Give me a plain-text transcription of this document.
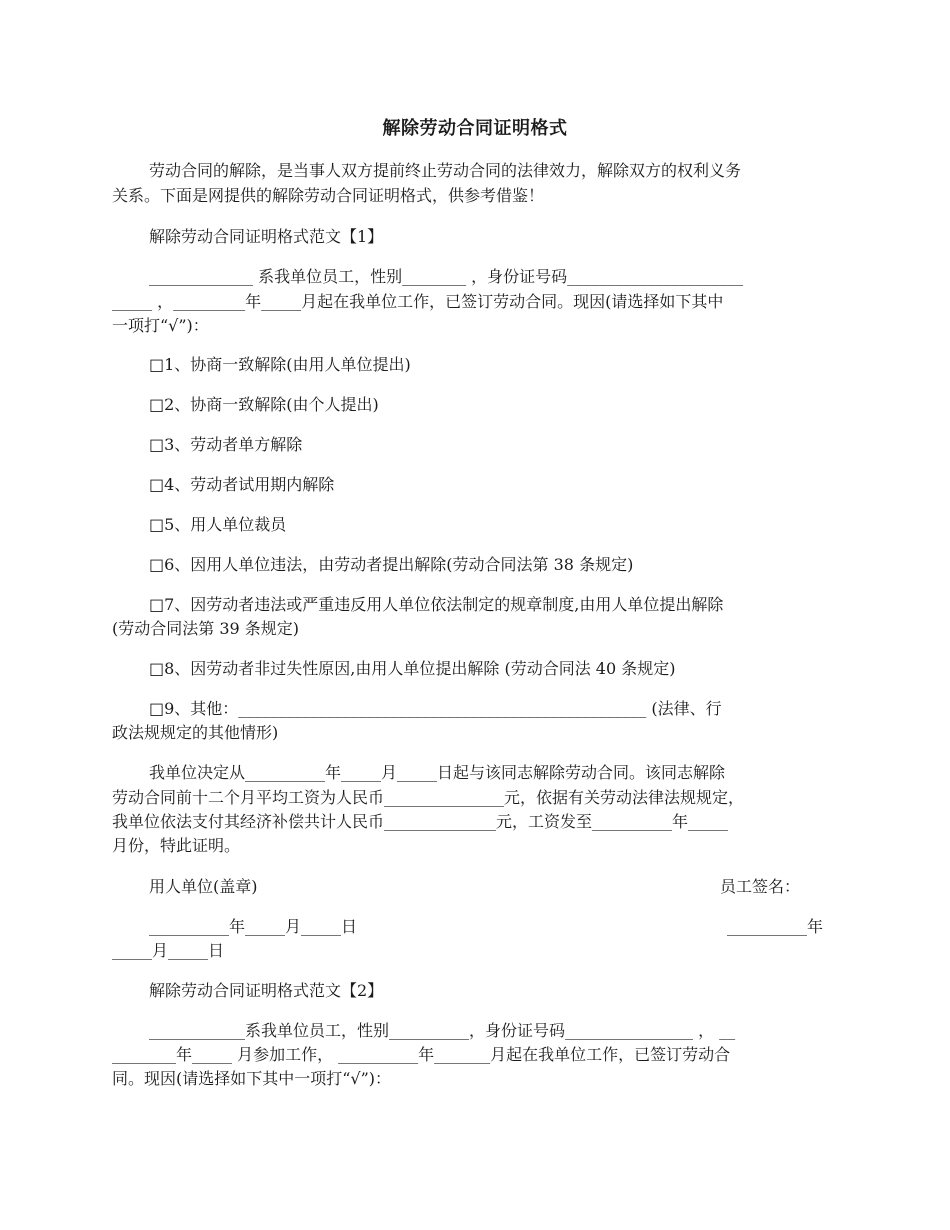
解除劳动合同证明格式
劳动合同的解除，是当事人双方提前终止劳动合同的法律效力，解除双方的权利义务
关系。下面是网提供的解除劳动合同证明格式，供参考借鉴！
解除劳动合同证明格式范文【1】
_____________ 系我单位员工，性别________ ，身份证号码______________________
_____ ，_________年_____月起在我单位工作，已签订劳动合同。现因(请选择如下其中
一项打“√”)：
□1、协商一致解除(由用人单位提出)
□2、协商一致解除(由个人提出)
□3、劳动者单方解除
□4、劳动者试用期内解除
□5、用人单位裁员
□6、因用人单位违法，由劳动者提出解除(劳动合同法第 38 条规定)
□7、因劳动者违法或严重违反用人单位依法制定的规章制度,由用人单位提出解除
(劳动合同法第 39 条规定)
□8、因劳动者非过失性原因,由用人单位提出解除 (劳动合同法 40 条规定)
□9、其他：___________________________________________________ (法律、行
政法规规定的其他情形)
我单位决定从__________年_____月_____日起与该同志解除劳动合同。该同志解除
劳动合同前十二个月平均工资为人民币_______________元，依据有关劳动法律法规规定，
我单位依法支付其经济补偿共计人民币______________元，工资发至__________年_____
月份，特此证明。
用人单位(盖章)	员工签名：
__________年_____月_____日	__________年
_____月_____日
解除劳动合同证明格式范文【2】
____________系我单位员工，性别__________，身份证号码________________ ， __
________年_____ 月参加工作， __________年_______月起在我单位工作，已签订劳动合
同。现因(请选择如下其中一项打“√”)：
